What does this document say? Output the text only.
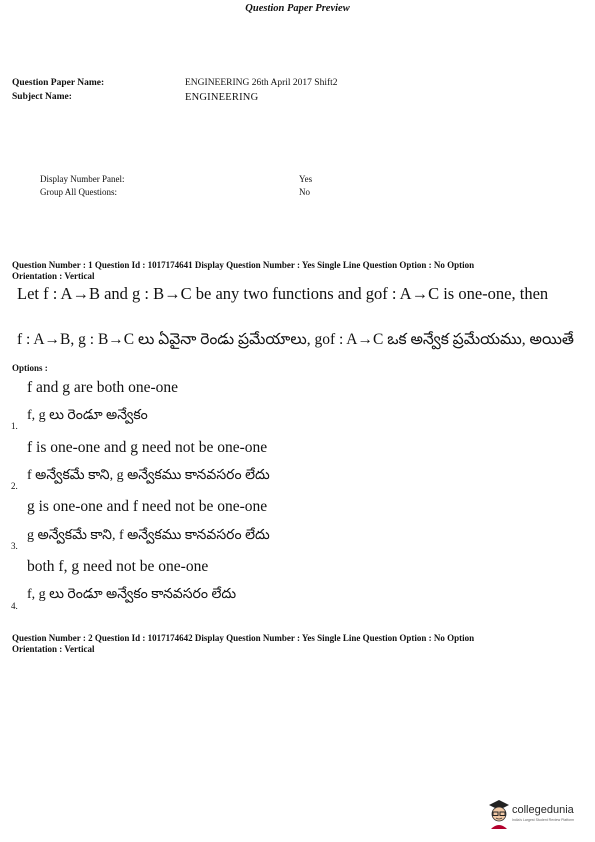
Question Paper Preview
Question Paper Name:	ENGINEERING 26th April 2017 Shift2
Subject Name:	ENGINEERING
Display Number Panel:	Yes
Group All Questions:	No
Question Number : 1 Question Id : 1017174641 Display Question Number : Yes Single Line Question Option : No Option
Orientation : Vertical
Let f : A→B and g : B→C be any two functions and gof : A→C is one-one, then
f : A→B, g : B→C లు ఏవైనా రెండు ప్రమేయాలు, gof : A→C ఒక అన్వేక ప్రమేయము, అయితే
Options :
f and g are both one-one
f, g లు రెండూ అన్వేకం
1.
f is one-one and g need not be one-one
f అన్వేకమే కాని, g అన్వేకము కానవసరం లేదు
2.
g is one-one and f need not be one-one
g అన్వేకమే కాని, f అన్వేకము కానవసరం లేదు
3.
both f, g need not be one-one
f, g లు రెండూ అన్వేకం కానవసరం లేదు
4.
Question Number : 2 Question Id : 1017174642 Display Question Number : Yes Single Line Question Option : No Option
Orientation : Vertical
collegedunia
India's Largest Student Review Platform
